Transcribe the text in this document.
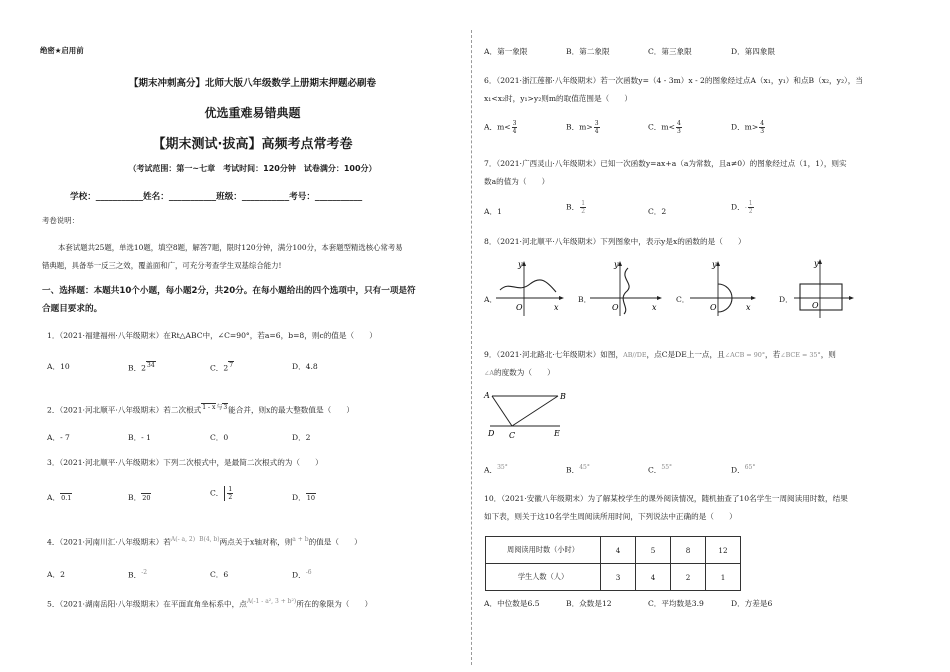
绝密★启用前
【期末冲刺高分】北师大版八年级数学上册期末押题必刷卷
优选重难易错典题
【期末测试·拔高】高频考点常考卷
（考试范围：第一~七章　考试时间：120分钟　试卷满分：100分）
学校：___________姓名：___________班级：___________考号：___________
考卷说明：
本套试题共25题，单选10题，填空8题，解答7题，限时120分钟，满分100分，本套题型精选核心常考易
错典题，具备举一反三之效，覆盖面和广，可充分考查学生双基综合能力!
一、选择题：本题共10个小题，每小题2分，共20分。在每小题给出的四个选项中，只有一项是符
合题目要求的。
1．（2021·福建福州·八年级期末）在Rt△ABC中，∠C=90°，若a=6，b=8，则c的值是（　　）
A．10	B．234	C．27	D．4.8
2．（2021·河北顺平·八年级期末）若二次根式$1 - x^与3$能合并，则x的最大整数值是（　　）
A．- 7	B．- 1	C．0	D．2
3．（2021·河北顺平·八年级期末）下列二次根式中，是最简二次根式的为（　　）
A．0.1	B．20
C． $\frac{1}{2}$	D．10
4．（2021·河南川汇·八年级期末）若$^{A(- a, 2)}$ $^{B(4, b)}$两点关于x轴对称，则$^{a + b}$的值是（　　）
A．2	B．$^{-2}$	C．6	D．$^{-6}$
5．（2021·湖南岳阳·八年级期末）在平面直角坐标系中，点$^{A(-1 - a^2, 3 + b^2)}$所在的象限为（　　）
A．第一象限	B．第二象限	C．第三象限	D．第四象限
6．（2021·浙江莲都·八年级期末）若一次函数y=（4 - 3m）x - 2的图象经过点A（x₁，y₁）和点B（x₂，y₂），当
x₁<x₂时，y₁>y₂则m的取值范围是（　　）
A．$m< \frac{3}{4}$	B．$m> \frac{3}{4}$	C．$m< \frac{4}{3}$	D．$m> \frac{4}{3}$
7．（2021·广西灵山·八年级期末）已知一次函数y=ax+a（a为常数，且a≠0）的图象经过点（1，1），则实
数a的值为（　　）
A．1	B． $\frac{1}{2}$	C．2	D．- $\frac{1}{2}$
8．（2021·河北顺平·八年级期末）下列图象中，表示y是x的函数的是（　　）
A．
y
x
O
B．
y
x
O
C．
y
x
O
D．
y
O
9．（2021·河北路北·七年级期末）如图，AB//DE，点C是DE上一点，且∠ACB = 90°，若∠BCE = 35°，则
∠A的度数为（　　）
A	B
D C	E
A．$^{35^\circ}$	B．$^{45^\circ}$	C．$^{55^\circ}$	D．$^{65^\circ}$
10．（2021·安徽八年级期末）为了解某校学生的课外阅读情况，随机抽查了10名学生一周阅读用时数，结果
如下表，则关于这10名学生周阅读所用时间，下列说法中正确的是（　　）
周阅读用时数（小时）	4	5	8	12
学生人数（人）	3	4	2	1
A．中位数是6.5	B．众数是12	C．平均数是3.9	D．方差是6
